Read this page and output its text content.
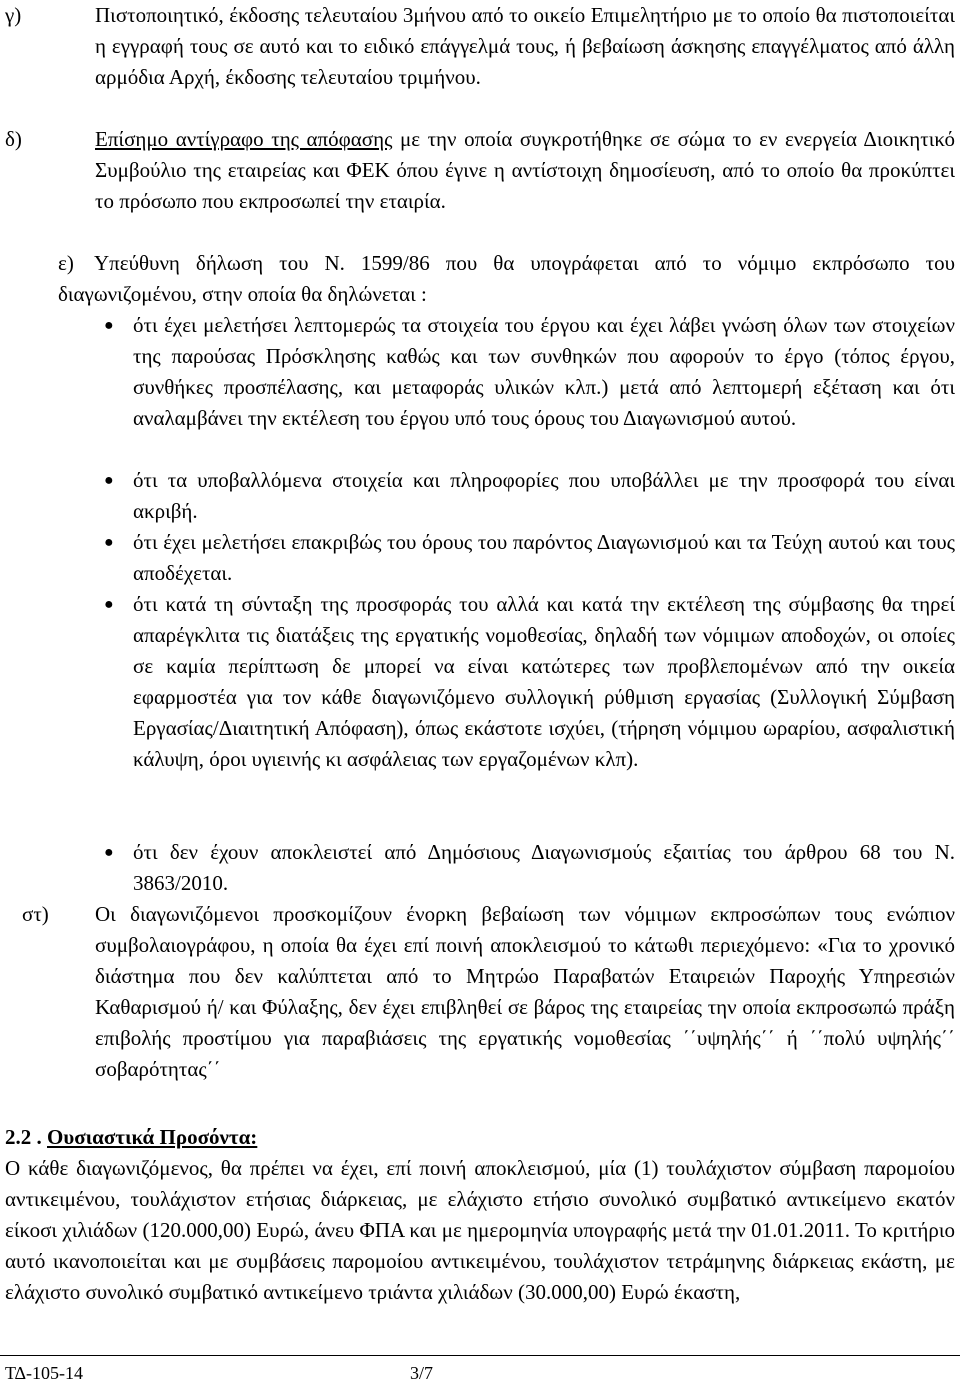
γ)	Πιστοποιητικό, έκδοσης τελευταίου 3μήνου από το οικείο Επιμελητήριο με το οποίο θα πιστοποιείται η εγγραφή τους σε αυτό και το ειδικό επάγγελμά τους, ή βεβαίωση άσκησης επαγγέλματος από άλλη αρμόδια Αρχή, έκδοσης τελευταίου τριμήνου.
δ)	Επίσημο αντίγραφο της απόφασης με την οποία συγκροτήθηκε σε σώμα το εν ενεργεία Διοικητικό Συμβούλιο της εταιρείας και ΦΕΚ όπου έγινε η αντίστοιχη δημοσίευση, από το οποίο θα προκύπτει το πρόσωπο που εκπροσωπεί την εταιρία.
ε) Υπεύθυνη δήλωση του Ν. 1599/86 που θα υπογράφεται από το νόμιμο εκπρόσωπο του διαγωνιζομένου, στην οποία θα δηλώνεται :
● ότι έχει μελετήσει λεπτομερώς τα στοιχεία του έργου και έχει λάβει γνώση όλων των στοιχείων της παρούσας Πρόσκλησης καθώς και των συνθηκών που αφορούν το έργο (τόπος έργου, συνθήκες προσπέλασης, και μεταφοράς υλικών κλπ.) μετά από λεπτομερή εξέταση και ότι αναλαμβάνει την εκτέλεση του έργου υπό τους όρους του Διαγωνισμού αυτού.
● ότι τα υποβαλλόμενα στοιχεία και πληροφορίες που υποβάλλει με την προσφορά του είναι ακριβή.
● ότι έχει μελετήσει επακριβώς του όρους του παρόντος Διαγωνισμού και τα Τεύχη αυτού και τους αποδέχεται.
● ότι κατά τη σύνταξη της προσφοράς του αλλά και κατά την εκτέλεση της σύμβασης θα τηρεί απαρέγκλιτα τις διατάξεις της εργατικής νομοθεσίας, δηλαδή των νόμιμων αποδοχών, οι οποίες σε καμία περίπτωση δε μπορεί να είναι κατώτερες των προβλεπομένων από την οικεία εφαρμοστέα για τον κάθε διαγωνιζόμενο συλλογική ρύθμιση εργασίας (Συλλογική Σύμβαση Εργασίας/Διαιτητική Απόφαση), όπως εκάστοτε ισχύει, (τήρηση νόμιμου ωραρίου, ασφαλιστική κάλυψη, όροι υγιεινής κι ασφάλειας των εργαζομένων κλπ).
● ότι δεν έχουν αποκλειστεί από Δημόσιους Διαγωνισμούς εξαιτίας του άρθρου 68 του Ν. 3863/2010.
στ) Οι διαγωνιζόμενοι προσκομίζουν ένορκη βεβαίωση των νόμιμων εκπροσώπων τους ενώπιον συμβολαιογράφου, η οποία θα έχει επί ποινή αποκλεισμού το κάτωθι περιεχόμενο: «Για το χρονικό διάστημα που δεν καλύπτεται από το Μητρώο Παραβατών Εταιρειών Παροχής Υπηρεσιών Καθαρισμού ή/ και Φύλαξης, δεν έχει επιβληθεί σε βάρος της εταιρείας την οποία εκπροσωπώ πράξη επιβολής προστίμου για παραβιάσεις της εργατικής νομοθεσίας ΄΄υψηλής΄΄ ή ΄΄πολύ υψηλής΄΄ σοβαρότητας΄΄
2.2 . Ουσιαστικά Προσόντα:
Ο κάθε διαγωνιζόμενος, θα πρέπει να έχει, επί ποινή αποκλεισμού, μία (1) τουλάχιστον σύμβαση παρομοίου αντικειμένου, τουλάχιστον ετήσιας διάρκειας, με ελάχιστο ετήσιο συνολικό συμβατικό αντικείμενο εκατόν είκοσι χιλιάδων (120.000,00) Ευρώ, άνευ ΦΠΑ και με ημερομηνία υπογραφής μετά την 01.01.2011. Το κριτήριο αυτό ικανοποιείται και με συμβάσεις παρομοίου αντικειμένου, τουλάχιστον τετράμηνης διάρκειας εκάστη, με ελάχιστο συνολικό συμβατικό αντικείμενο τριάντα χιλιάδων (30.000,00) Ευρώ έκαστη,
ΤΔ-105-14	3/7
